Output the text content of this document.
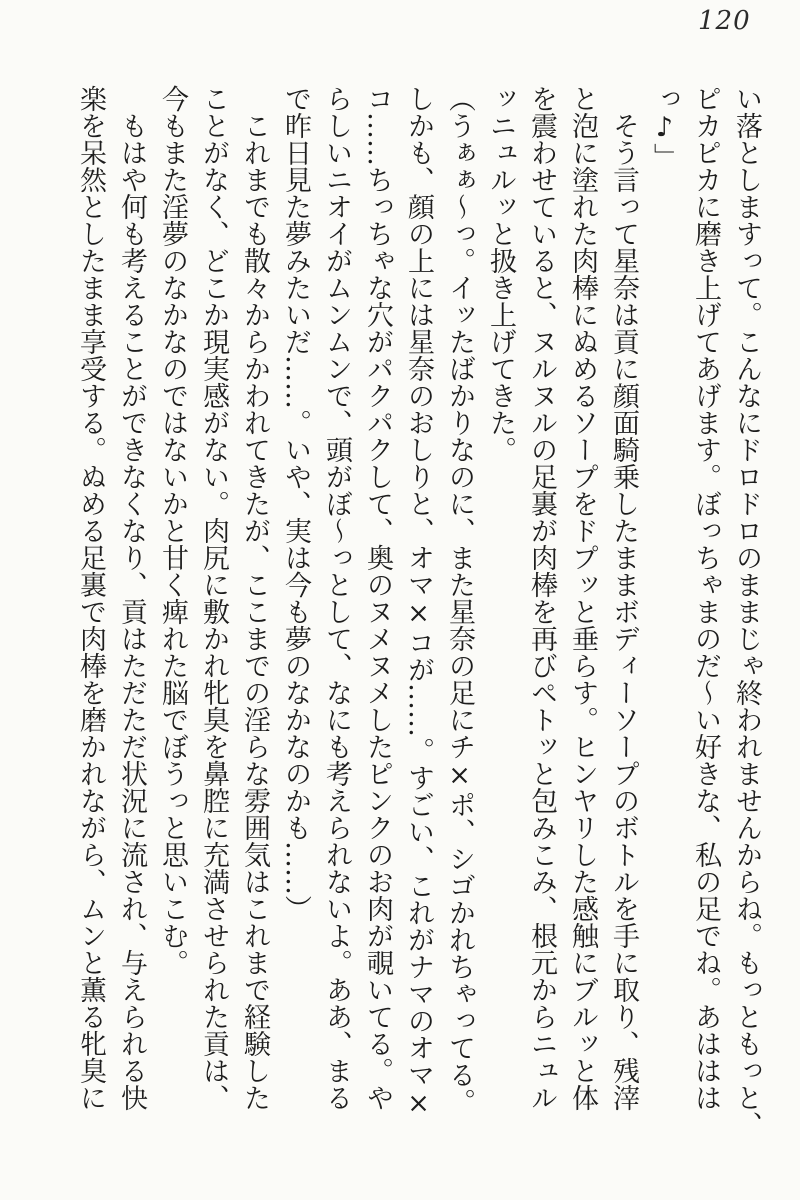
120
い落としますって。こんなにドロドロのままじゃ終われませんからね。もっともっと、
ピカピカに磨き上げてあげます。ぼっちゃまのだ～い好きな、私の足でね。あははは
っ♪」
　そう言って星奈は貢に顔面騎乗したままボディーソープのボトルを手に取り、残滓
と泡に塗れた肉棒にぬめるソープをドプッと垂らす。ヒンヤリした感触にブルッと体
を震わせていると、ヌルヌルの足裏が肉棒を再びペトッと包みこみ、根元からニュル
ッニュルッと扱き上げてきた。
（うぁぁ～っ。イッたばかりなのに、また星奈の足にチ×ポ、シゴかれちゃってる。
しかも、顔の上には星奈のおしりと、オマ×コが……。すごい、これがナマのオマ×
コ……ちっちゃな穴がパクパクして、奥のヌメヌメしたピンクのお肉が覗いてる。や
らしいニオイがムンムンで、頭がぼ～っとして、なにも考えられないよ。ああ、まる
で昨日見た夢みたいだ……。いや、実は今も夢のなかなのかも……）
　これまでも散々からかわれてきたが、ここまでの淫らな雰囲気はこれまで経験した
ことがなく、どこか現実感がない。肉尻に敷かれ牝臭を鼻腔に充満させられた貢は、
今もまた淫夢のなかなのではないかと甘く痺れた脳でぼうっと思いこむ。
　もはや何も考えることができなくなり、貢はただただ状況に流され、与えられる快
楽を呆然としたまま享受する。ぬめる足裏で肉棒を磨かれながら、ムンと薫る牝臭に
